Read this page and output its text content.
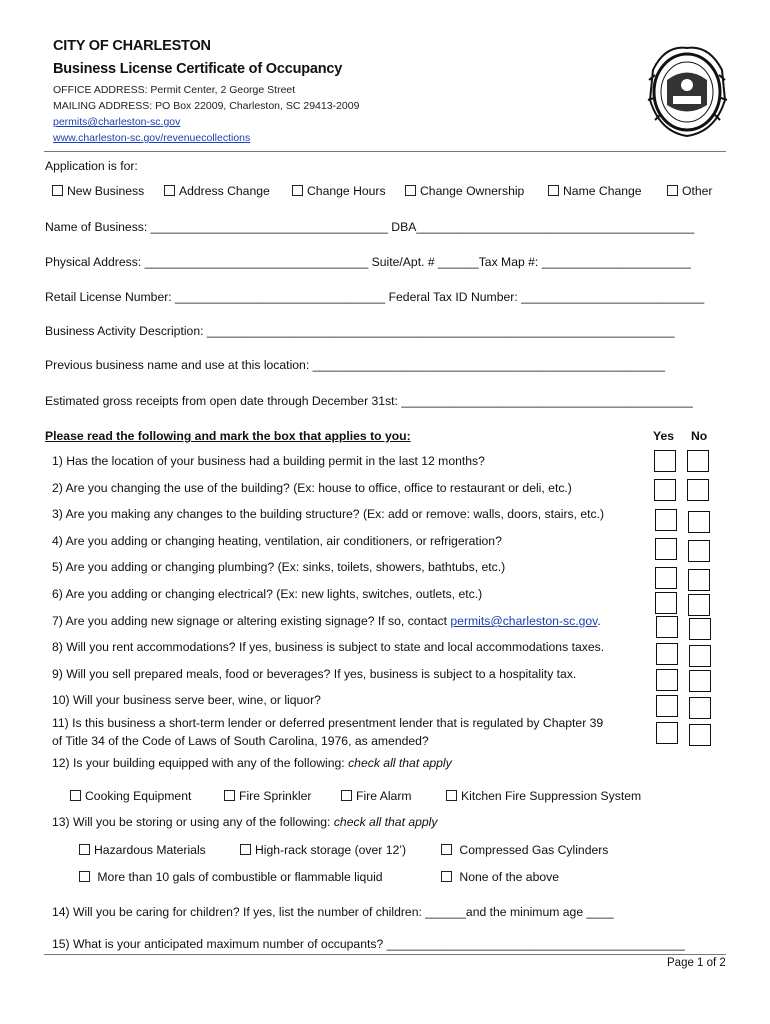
CITY OF CHARLESTON
Business License Certificate of Occupancy
OFFICE ADDRESS: Permit Center, 2 George Street
MAILING ADDRESS: PO Box 22009, Charleston, SC 29413-2009
permits@charleston-sc.gov
www.charleston-sc.gov/revenuecollections
Application is for:
New Business	Address Change	Change Hours	Change Ownership	Name Change	Other
Name of Business: ___________________________________ DBA_________________________________________
Physical Address: _________________________________ Suite/Apt. # ______Tax Map #: ______________________
Retail License Number: _______________________________ Federal Tax ID Number: ___________________________
Business Activity Description: _____________________________________________________________________
Previous business name and use at this location: ____________________________________________________
Estimated gross receipts from open date through December 31st: ___________________________________________
Please read the following and mark the box that applies to you:	Yes No
1) Has the location of your business had a building permit in the last 12 months?
2) Are you changing the use of the building? (Ex: house to office, office to restaurant or deli, etc.)
3) Are you making any changes to the building structure? (Ex: add or remove: walls, doors, stairs, etc.)
4) Are you adding or changing heating, ventilation, air conditioners, or refrigeration?
5) Are you adding or changing plumbing? (Ex: sinks, toilets, showers, bathtubs, etc.)
6) Are you adding or changing electrical? (Ex: new lights, switches, outlets, etc.)
7) Are you adding new signage or altering existing signage? If so, contact permits@charleston-sc.gov.
8) Will you rent accommodations? If yes, business is subject to state and local accommodations taxes.
9) Will you sell prepared meals, food or beverages? If yes, business is subject to a hospitality tax.
10) Will your business serve beer, wine, or liquor?
11) Is this business a short-term lender or deferred presentment lender that is regulated by Chapter 39
of Title 34 of the Code of Laws of South Carolina, 1976, as amended?
12) Is your building equipped with any of the following: check all that apply
Cooking Equipment	Fire Sprinkler	Fire Alarm	Kitchen Fire Suppression System
13) Will you be storing or using any of the following: check all that apply
Hazardous Materials	High-rack storage (over 12’)	Compressed Gas Cylinders
More than 10 gals of combustible or flammable liquid	None of the above
14) Will you be caring for children? If yes, list the number of children: ______and the minimum age ____
15) What is your anticipated maximum number of occupants? ____________________________________________
Page 1 of 2
